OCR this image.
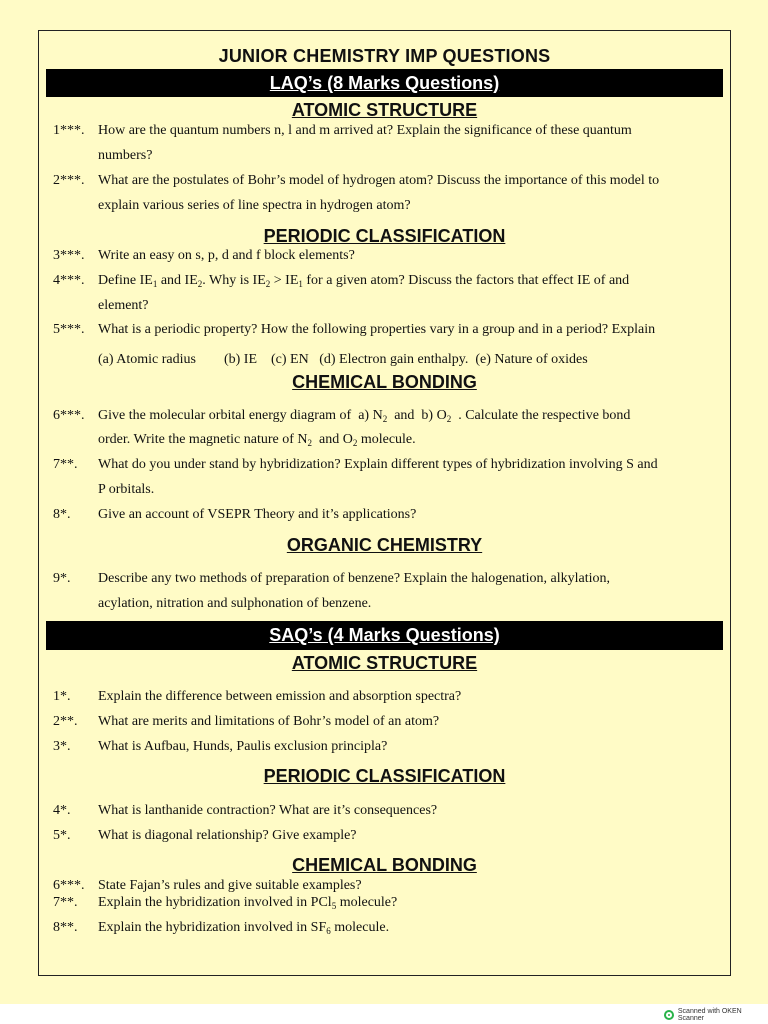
JUNIOR CHEMISTRY IMP QUESTIONS
LAQ’s (8 Marks Questions)
ATOMIC STRUCTURE
1***. How are the quantum numbers n, l and m arrived at? Explain the significance of these quantum
numbers?
2***. What are the postulates of Bohr’s model of hydrogen atom? Discuss the importance of this model to
explain various series of line spectra in hydrogen atom?
PERIODIC CLASSIFICATION
3***. Write an easy on s, p, d and f block elements?
4***. Define $IE_1$ and $IE_2$. Why is $IE_2 > IE_1$ for a given atom? Discuss the factors that effect IE of and
element?
5***. What is a periodic property? How the following properties vary in a group and in a period? Explain
(a) Atomic radius        (b) IE    (c) EN   (d) Electron gain enthalpy.  (e) Nature of oxides
CHEMICAL BONDING
6***. Give the molecular orbital energy diagram of  a) $N_2$  and  b) $O_2$  . Calculate the respective bond
order. Write the magnetic nature of $N_2$  and $O_2$ molecule.
7**. What do you under stand by hybridization? Explain different types of hybridization involving S and
P orbitals.
8*. Give an account of VSEPR Theory and it’s applications?
ORGANIC CHEMISTRY
9*. Describe any two methods of preparation of benzene? Explain the halogenation, alkylation,
acylation, nitration and sulphonation of benzene.
SAQ’s (4 Marks Questions)
ATOMIC STRUCTURE
1*. Explain the difference between emission and absorption spectra?
2**. What are merits and limitations of Bohr’s model of an atom?
3*. What is Aufbau, Hunds, Paulis exclusion principla?
PERIODIC CLASSIFICATION
4*. What is lanthanide contraction? What are it’s consequences?
5*. What is diagonal relationship? Give example?
CHEMICAL BONDING
6***. State Fajan’s rules and give suitable examples?
7**. Explain the hybridization involved in PCl$_5$ molecule?
8**. Explain the hybridization involved in $SF_6$ molecule.
Scanned with OKEN Scanner
